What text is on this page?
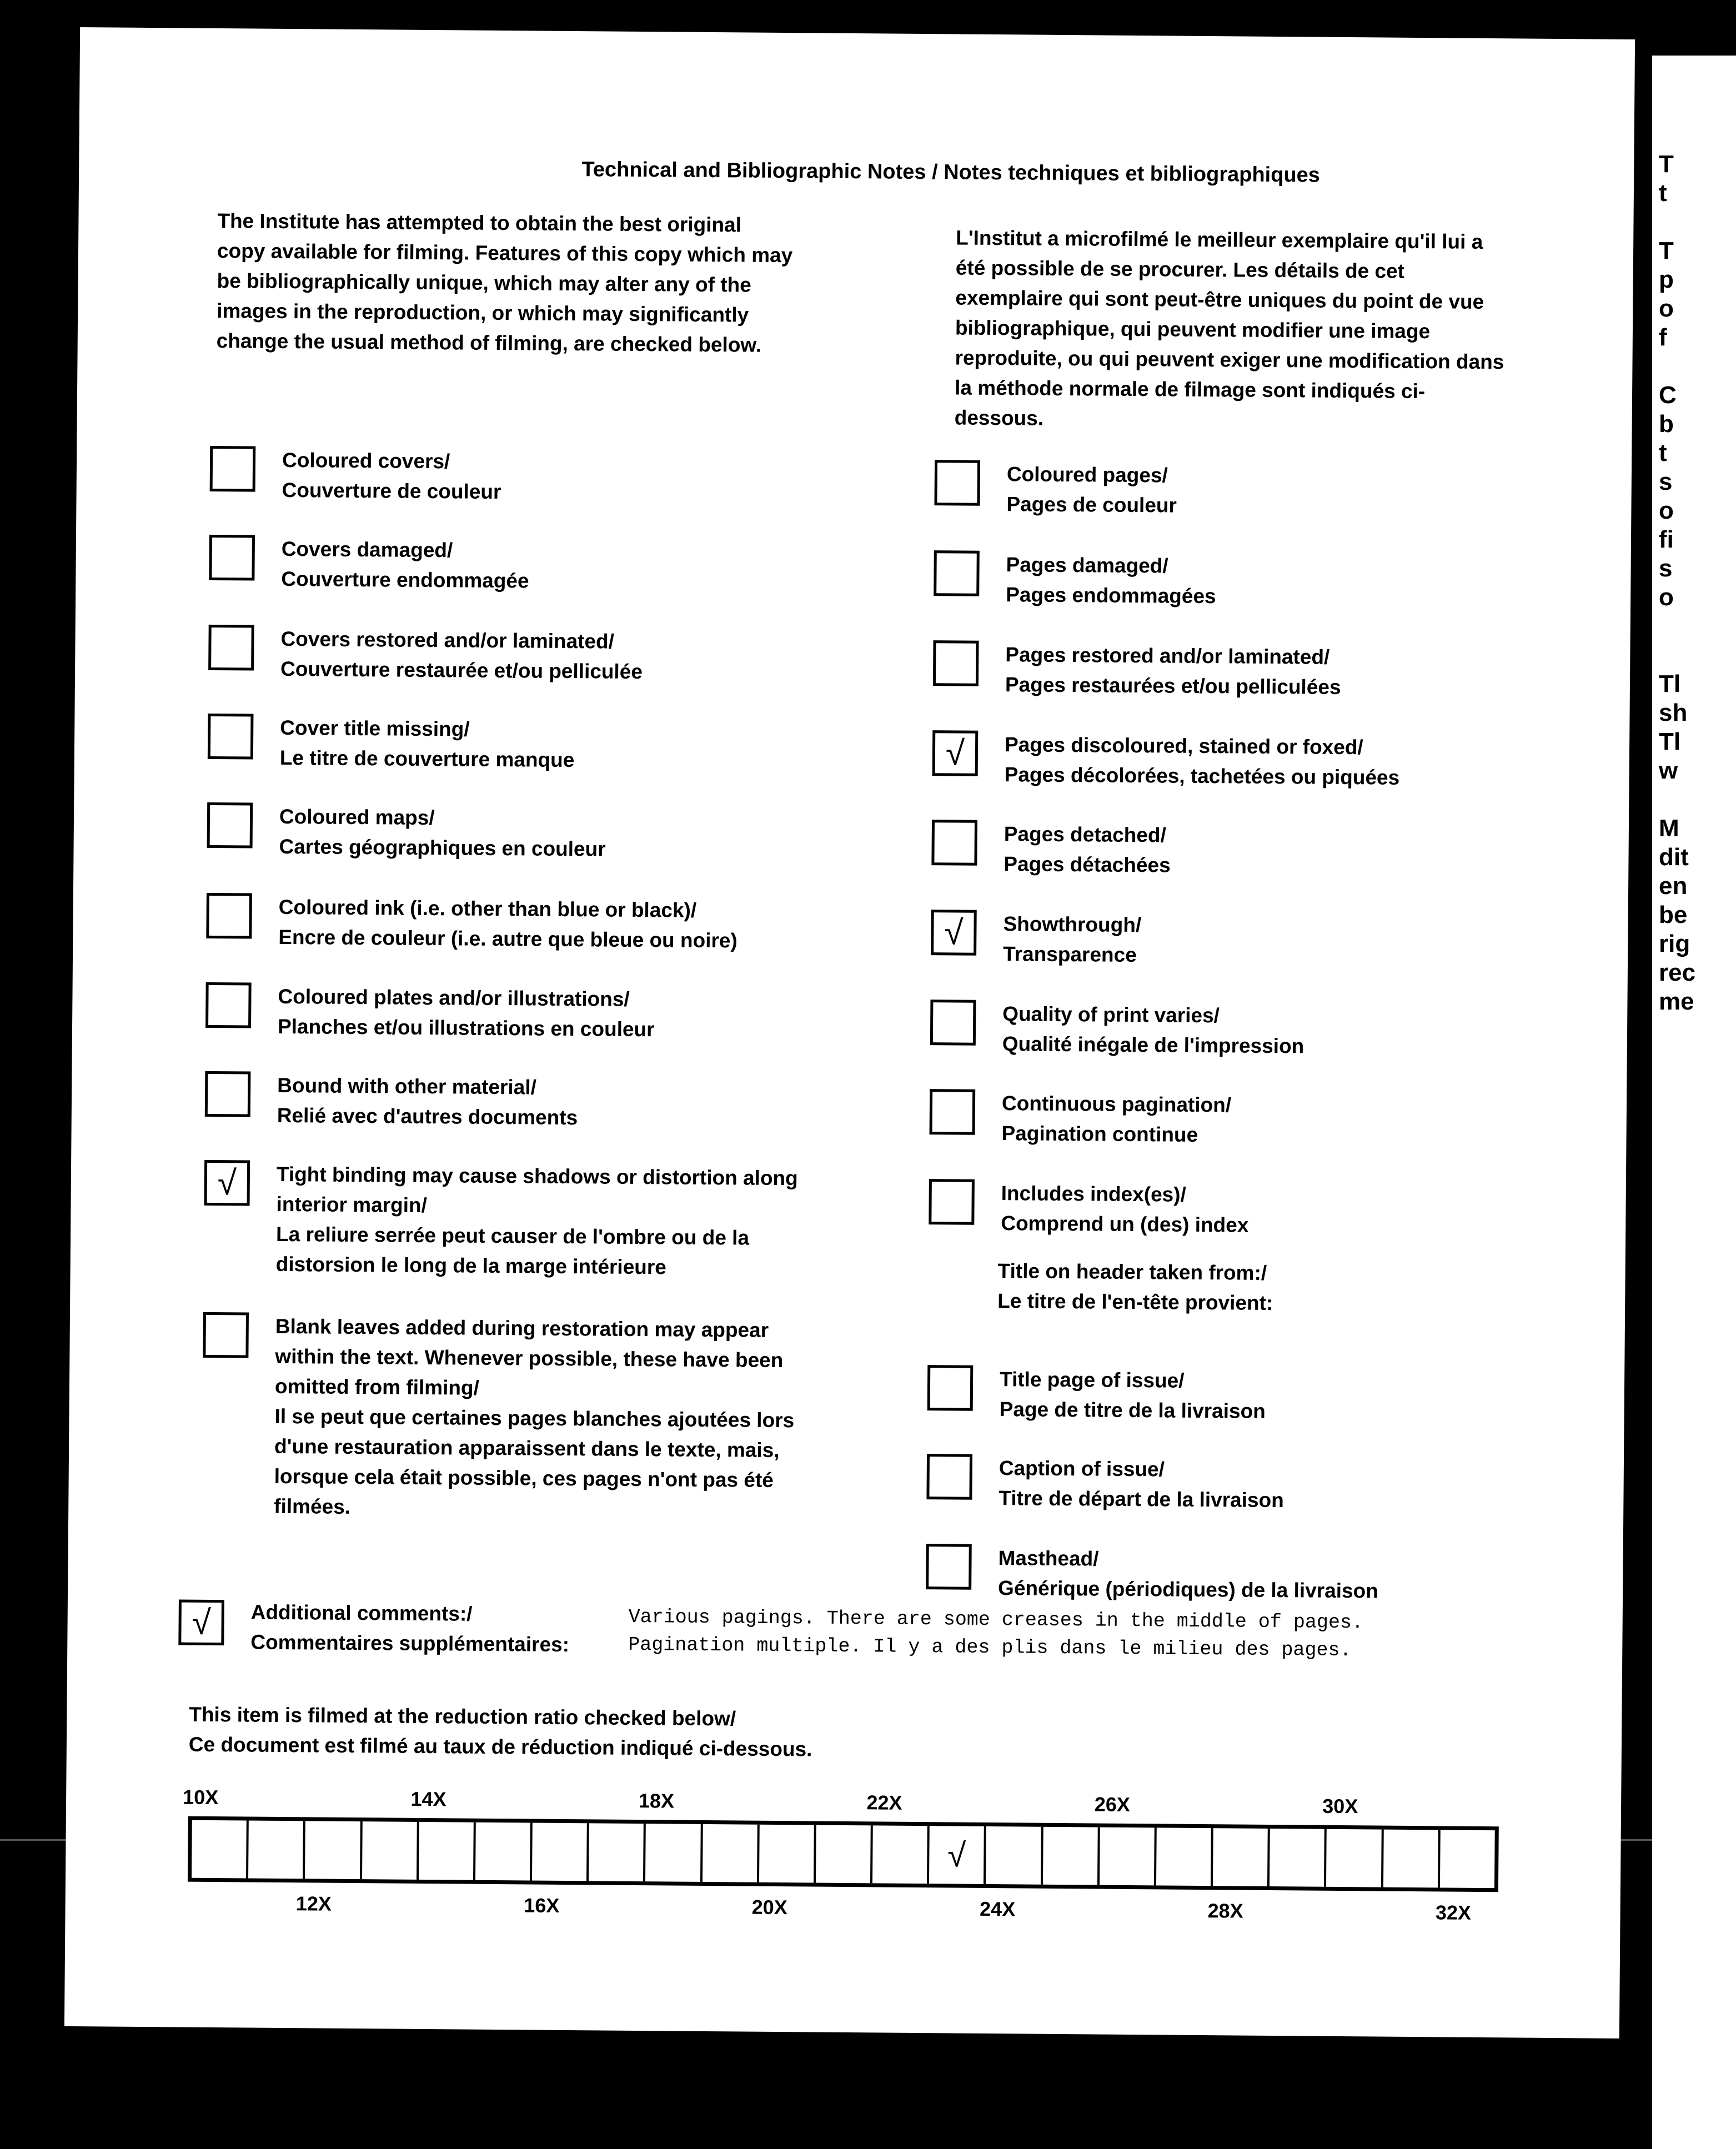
Technical and Bibliographic Notes / Notes techniques et bibliographiques
The Institute has attempted to obtain the best original copy available for filming. Features of this copy which may be bibliographically unique, which may alter any of the images in the reproduction, or which may significantly change the usual method of filming, are checked below.
L'Institut a microfilmé le meilleur exemplaire qu'il lui a été possible de se procurer. Les détails de cet exemplaire qui sont peut-être uniques du point de vue bibliographique, qui peuvent modifier une image reproduite, ou qui peuvent exiger une modification dans la méthode normale de filmage sont indiqués ci-dessous.
Coloured covers/
Couverture de couleur
Covers damaged/
Couverture endommagée
Covers restored and/or laminated/
Couverture restaurée et/ou pelliculée
Cover title missing/
Le titre de couverture manque
Coloured maps/
Cartes géographiques en couleur
Coloured ink (i.e. other than blue or black)/
Encre de couleur (i.e. autre que bleue ou noire)
Coloured plates and/or illustrations/
Planches et/ou illustrations en couleur
Bound with other material/
Relié avec d'autres documents
√ Tight binding may cause shadows or distortion along interior margin/
La reliure serrée peut causer de l'ombre ou de la distorsion le long de la marge intérieure
Blank leaves added during restoration may appear within the text. Whenever possible, these have been omitted from filming/
Il se peut que certaines pages blanches ajoutées lors d'une restauration apparaissent dans le texte, mais, lorsque cela était possible, ces pages n'ont pas été filmées.
Coloured pages/
Pages de couleur
Pages damaged/
Pages endommagées
Pages restored and/or laminated/
Pages restaurées et/ou pelliculées
√ Pages discoloured, stained or foxed/
Pages décolorées, tachetées ou piquées
Pages detached/
Pages détachées
√ Showthrough/
Transparence
Quality of print varies/
Qualité inégale de l'impression
Continuous pagination/
Pagination continue
Includes index(es)/
Comprend un (des) index
Title page of issue/
Page de titre de la livraison
Caption of issue/
Titre de départ de la livraison
Masthead/
Générique (périodiques) de la livraison
Title on header taken from:/
Le titre de l'en-tête provient:
√ Additional comments:/
Commentaires supplémentaires:
Various pagings. There are some creases in the middle of pages.
Pagination multiple. Il y a des plis dans le milieu des pages.
This item is filmed at the reduction ratio checked below/
Ce document est filmé au taux de réduction indiqué ci-dessous.
√
10X	14X	18X	22X	26X	30X
12X	16X	20X	24X	28X	32X
T
t

T
p
o
f

C
b
t
s
o
fi
s
o

Tl
sh
Tl
w

M
dit
en
be
rig
rec
me
